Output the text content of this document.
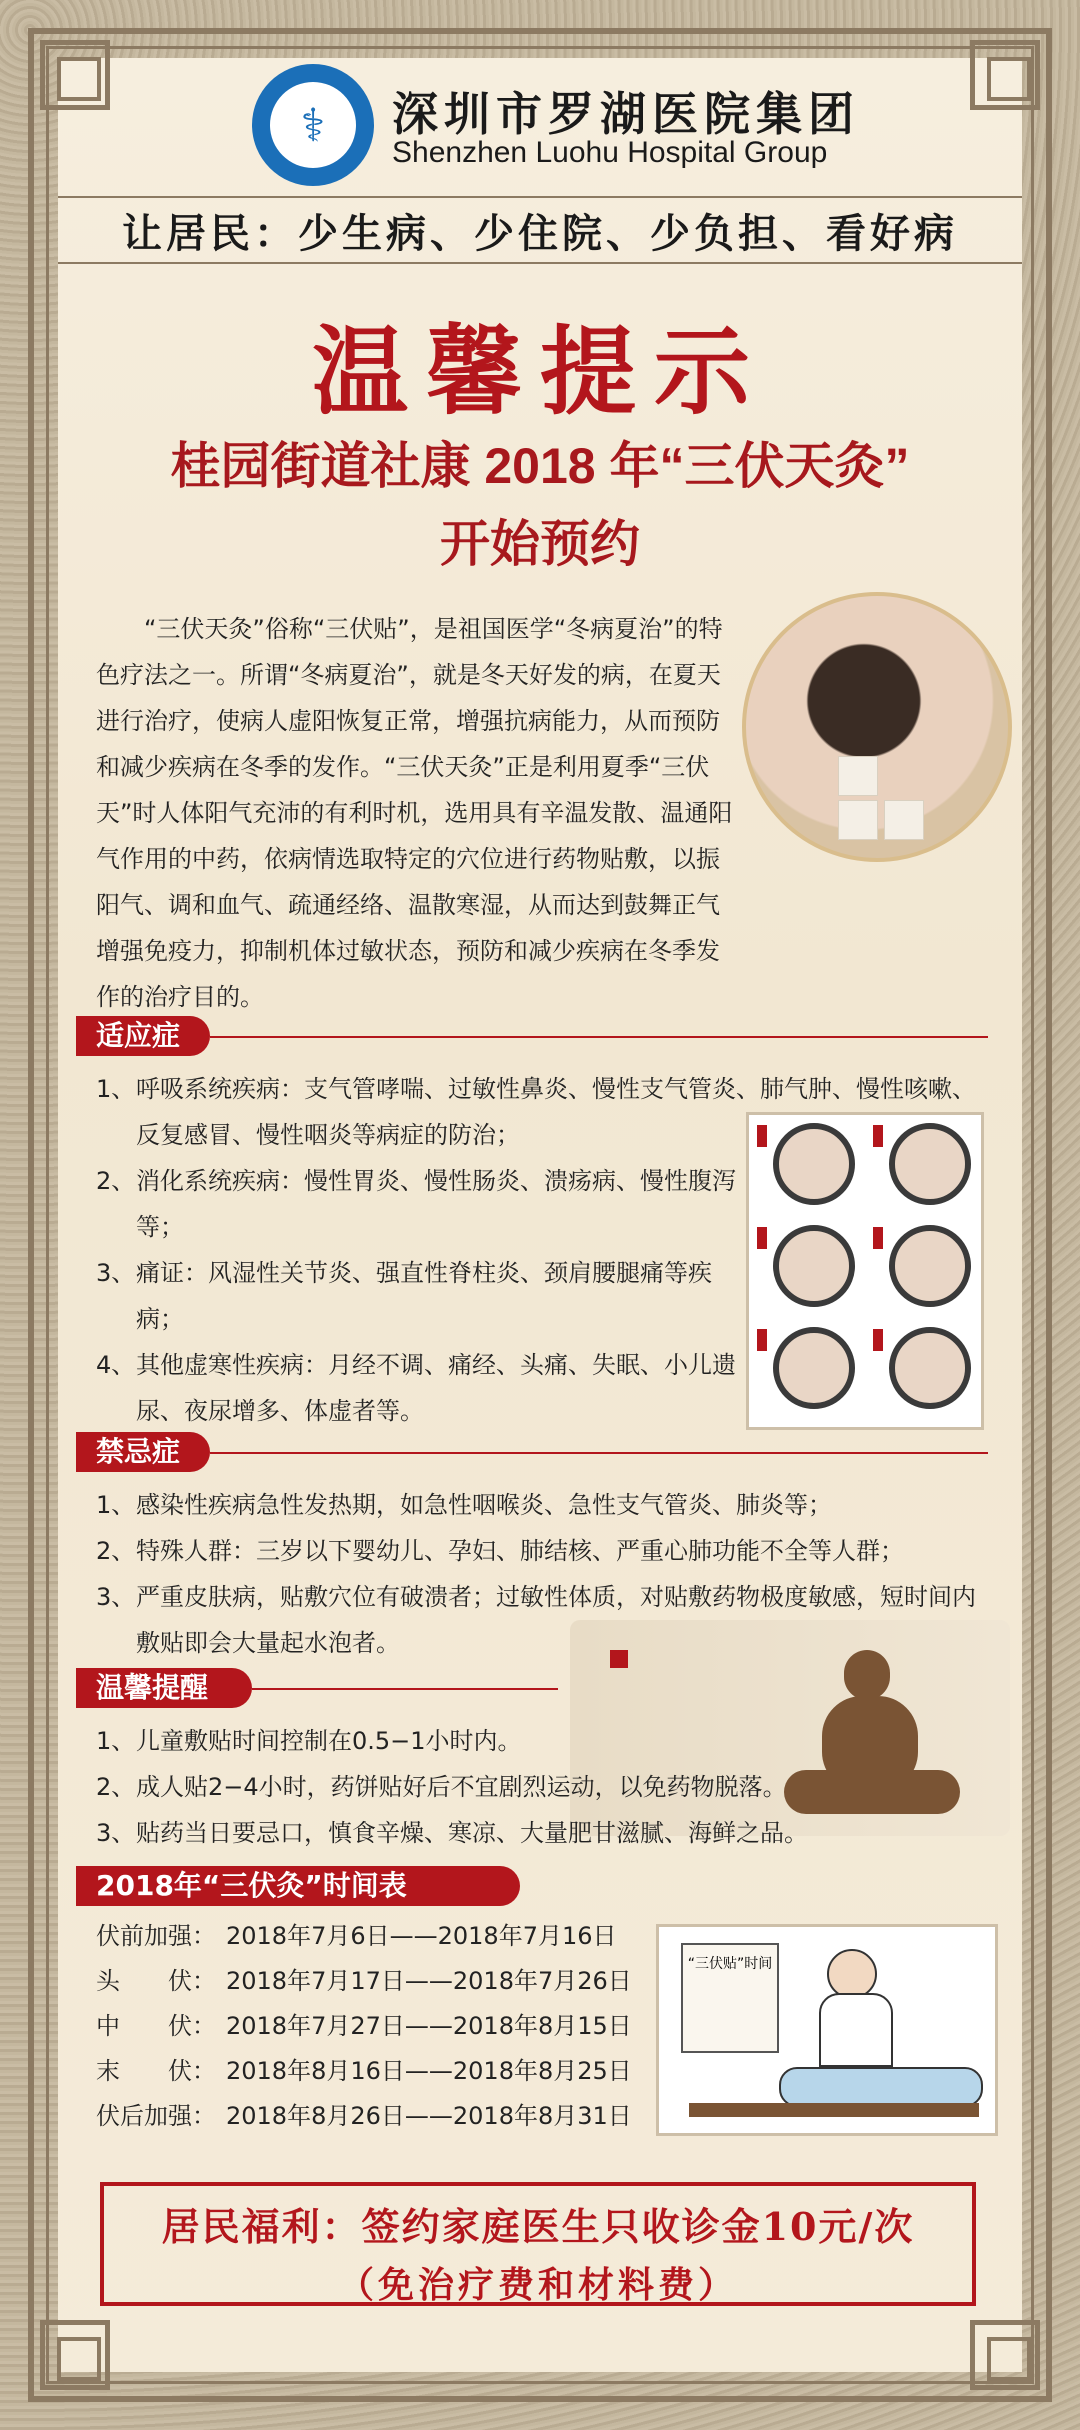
⚕	深圳市罗湖医院集团
Shenzhen Luohu Hospital Group
让居民：少生病、少住院、少负担、看好病
温馨提示
桂园街道社康 2018 年“三伏天灸”
开始预约

“三伏天灸”俗称“三伏贴”，是祖国医学“冬病夏治”的特色疗法之一。所谓“冬病夏治”，就是冬天好发的病，在夏天进行治疗，使病人虚阳恢复正常，增强抗病能力，从而预防和减少疾病在冬季的发作。“三伏天灸”正是利用夏季“三伏天”时人体阳气充沛的有利时机，选用具有辛温发散、温通阳气作用的中药，依病情选取特定的穴位进行药物贴敷，以振阳气、调和血气、疏通经络、温散寒湿，从而达到鼓舞正气增强免疫力，抑制机体过敏状态，预防和减少疾病在冬季发作的治疗目的。

适应症
1、 呼吸系统疾病：支气管哮喘、过敏性鼻炎、慢性支气管炎、肺气肿、慢性咳嗽、反复感冒、慢性咽炎等病症的防治；
2、 消化系统疾病：慢性胃炎、慢性肠炎、溃疡病、慢性腹泻等；
3、 痛证：风湿性关节炎、强直性脊柱炎、颈肩腰腿痛等疾病；
4、 其他虚寒性疾病：月经不调、痛经、头痛、失眠、小儿遗尿、夜尿增多、体虚者等。
禁忌症
1、 感染性疾病急性发热期，如急性咽喉炎、急性支气管炎、肺炎等；
2、 特殊人群：三岁以下婴幼儿、孕妇、肺结核、严重心肺功能不全等人群；
3、 严重皮肤病，贴敷穴位有破溃者；过敏性体质，对贴敷药物极度敏感，短时间内敷贴即会大量起水泡者。
温馨提醒
1、 儿童敷贴时间控制在0.5−1小时内。
2、 成人贴2−4小时，药饼贴好后不宜剧烈运动，以免药物脱落。
3、 贴药当日要忌口，慎食辛燥、寒凉、大量肥甘滋腻、海鲜之品。
2018年“三伏灸”时间表
伏前加强： 2018年7月6日——2018年7月16日
头　　伏： 2018年7月17日——2018年7月26日
中　　伏： 2018年7月27日——2018年8月15日
末　　伏： 2018年8月16日——2018年8月25日
伏后加强： 2018年8月26日——2018年8月31日
“三伏贴”时间
居民福利：签约家庭医生只收诊金10元/次
（免治疗费和材料费）
